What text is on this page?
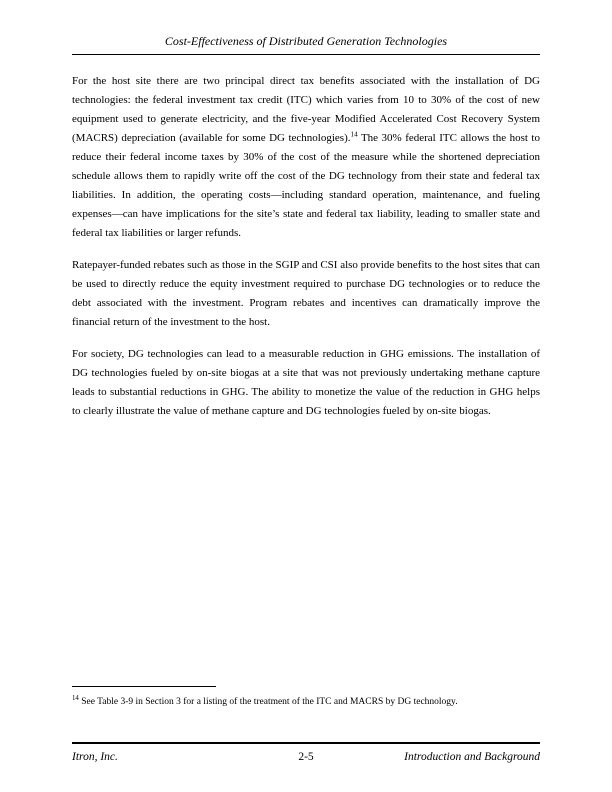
Cost-Effectiveness of Distributed Generation Technologies

For the host site there are two principal direct tax benefits associated with the installation of DG technologies: the federal investment tax credit (ITC) which varies from 10 to 30% of the cost of new equipment used to generate electricity, and the five-year Modified Accelerated Cost Recovery System (MACRS) depreciation (available for some DG technologies).$^{14}$ The 30% federal ITC allows the host to reduce their federal income taxes by 30% of the cost of the measure while the shortened depreciation schedule allows them to rapidly write off the cost of the DG technology from their state and federal tax liabilities. In addition, the operating costs—including standard operation, maintenance, and fueling expenses—can have implications for the site’s state and federal tax liability, leading to smaller state and federal tax liabilities or larger refunds.

Ratepayer-funded rebates such as those in the SGIP and CSI also provide benefits to the host sites that can be used to directly reduce the equity investment required to purchase DG technologies or to reduce the debt associated with the investment. Program rebates and incentives can dramatically improve the financial return of the investment to the host.

For society, DG technologies can lead to a measurable reduction in GHG emissions. The installation of DG technologies fueled by on-site biogas at a site that was not previously undertaking methane capture leads to substantial reductions in GHG. The ability to monetize the value of the reduction in GHG helps to clearly illustrate the value of methane capture and DG technologies fueled by on-site biogas.

$^{14}$ See Table 3-9 in Section 3 for a listing of the treatment of the ITC and MACRS by DG technology.
Itron, Inc.	2-5	Introduction and Background
